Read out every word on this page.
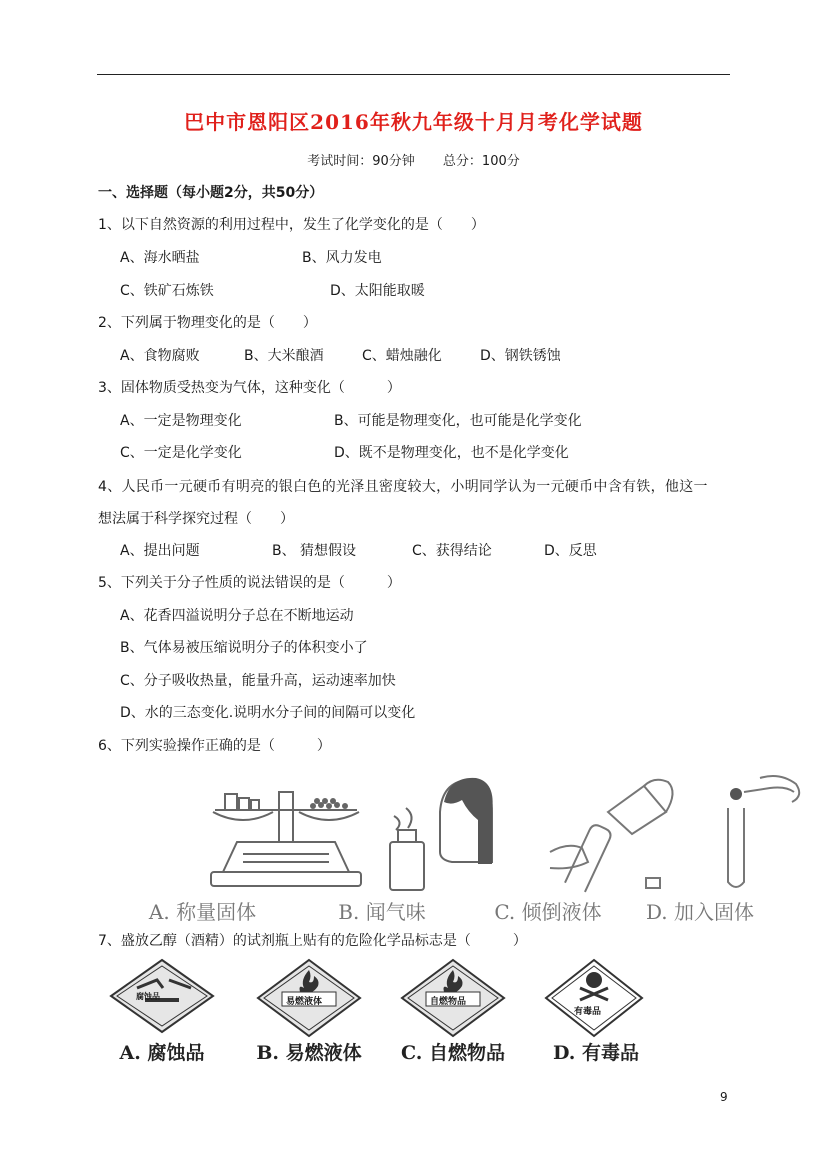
巴中市恩阳区2016年秋九年级十月月考化学试题
考试时间：90分钟 总分：100分
一、选择题（每小题2分，共50分）
1、以下自然资源的利用过程中，发生了化学变化的是（　　）
A、海水晒盐	B、风力发电
C、铁矿石炼铁	D、太阳能取暖
2、下列属于物理变化的是（　　）
A、食物腐败	B、大米酿酒	C、蜡烛融化	D、钢铁锈蚀
3、固体物质受热变为气体，这种变化（　　　）
A、一定是物理变化	B、可能是物理变化，也可能是化学变化
C、一定是化学变化	D、既不是物理变化，也不是化学变化
4、人民币一元硬币有明亮的银白色的光泽且密度较大，小明同学认为一元硬币中含有铁，他这一
想法属于科学探究过程（　　）
A、提出问题	B、 猜想假设	C、获得结论	D、反思
5、下列关于分子性质的说法错误的是（　　　）
A、花香四溢说明分子总在不断地运动
B、气体易被压缩说明分子的体积变小了
C、分子吸收热量，能量升高，运动速率加快
D、水的三态变化.说明水分子间的间隔可以变化
6、下列实验操作正确的是（　　　）
A. 称量固体	B. 闻气味	C. 倾倒液体	D. 加入固体
7、盛放乙醇（酒精）的试剂瓶上贴有的危险化学品标志是（　　　）
腐蚀品
A. 腐蚀品
易燃液体
B. 易燃液体
自燃物品
C. 自燃物品
有毒品
D. 有毒品
9
